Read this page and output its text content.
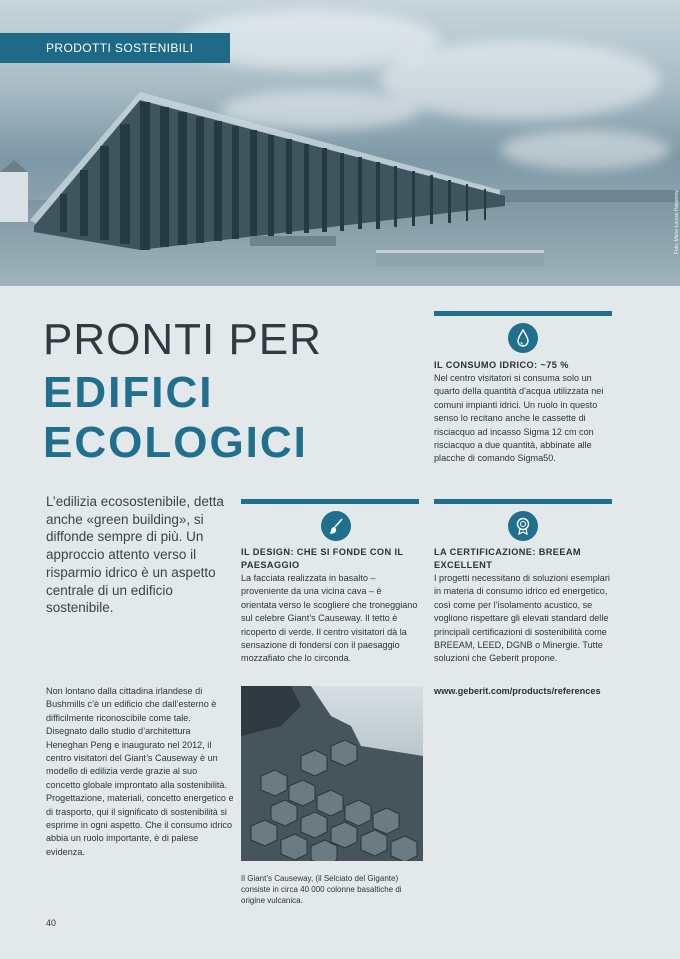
Foto: Marie-Louise Halpenny
PRODOTTI SOSTENIBILI
PRONTI PER
EDIFICI
ECOLOGICI

L’edilizia ecosostenibile, detta anche «green building», si diffonde sempre di più. Un approccio attento verso il risparmio idrico è un aspetto centrale di un edificio sostenibile.

Non lontano dalla cittadina irlandese di Bushmills c’è un edificio che dall’esterno è difficilmente riconoscibile come tale. Disegnato dallo studio d’architettura Heneghan Peng e inaugurato nel 2012, il centro visitatori del Giant’s Causeway è un modello di edilizia verde grazie al suo concetto globale improntato alla sostenibilità. Progettazione, materiali, concetto energetico e di trasporto, qui il significato di sostenibilità si esprime in ogni aspetto. Che il consumo idrico abbia un ruolo importante, è di palese evidenza.

IL CONSUMO IDRICO: ~75 %

Nel centro visitatori si consuma solo un quarto della quantità d’acqua utilizzata nei comuni impianti idrici. Un ruolo in questo senso lo recitano anche le cassette di risciacquo ad incasso Sigma 12 cm con risciacquo a due quantità, abbinate alle placche di comando Sigma50.

IL DESIGN: CHE SI FONDE CON IL PAESAGGIO

La facciata realizzata in basalto – proveniente da una vicina cava – è orientata verso le scogliere che troneggiano sul celebre Giant’s Causeway. Il tetto è ricoperto di verde. Il centro visitatori dà la sensazione di fondersi con il paesaggio mozzafiato che lo circonda.

LA CERTIFICAZIONE: BREEAM EXCELLENT

I progetti necessitano di soluzioni esemplari in materia di consumo idrico ed energetico, così come per l’isolamento acustico, se vogliono rispettare gli elevati standard delle principali certificazioni di sostenibilità come BREEAM, LEED, DGNB o Minergie. Tutte soluzioni che Geberit propone.

www.geberit.com/products/references

Il Giant’s Causeway, (il Selciato del Gigante) consiste in circa 40 000 colonne basaltiche di origine vulcanica.

40
